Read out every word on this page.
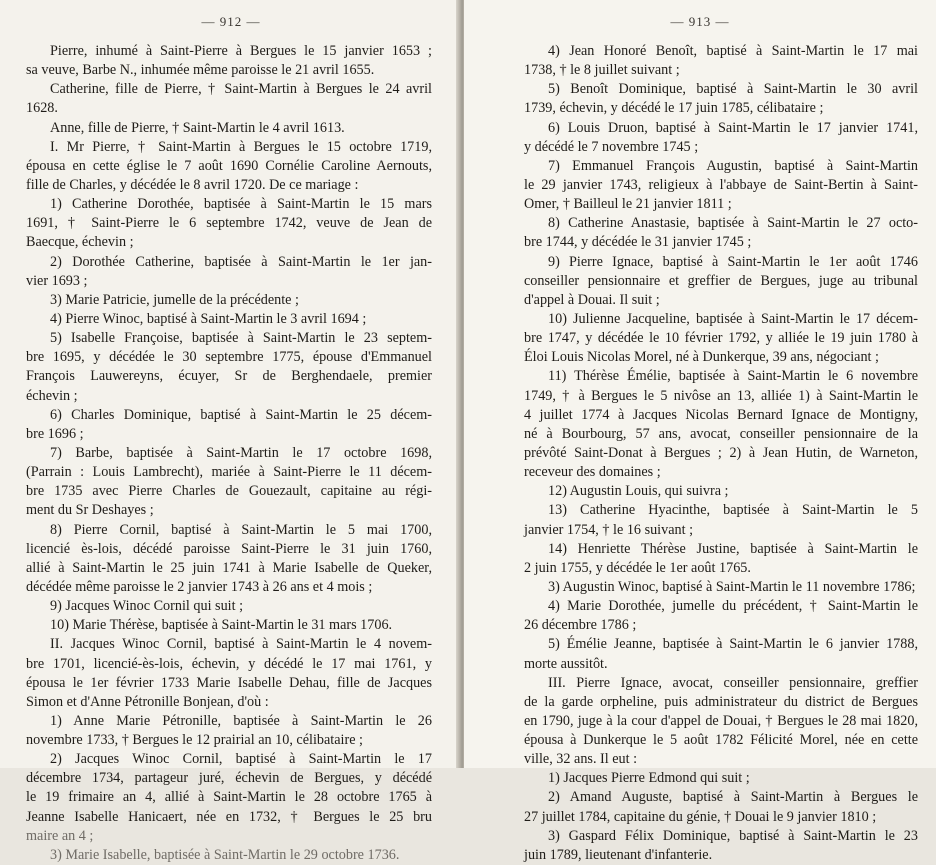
— 912 —
Pierre, inhumé à Saint-Pierre à Bergues le 15 janvier 1653 ;
sa veuve, Barbe N., inhumée même paroisse le 21 avril 1655.
Catherine, fille de Pierre, † Saint-Martin à Bergues le 24 avril
1628.
Anne, fille de Pierre, † Saint-Martin le 4 avril 1613.
I. Mr Pierre, † Saint-Martin à Bergues le 15 octobre 1719,
épousa en cette église le 7 août 1690 Cornélie Caroline Aernouts,
fille de Charles, y décédée le 8 avril 1720. De ce mariage :
1) Catherine Dorothée, baptisée à Saint-Martin le 15 mars
1691, † Saint-Pierre le 6 septembre 1742, veuve de Jean de
Baecque, échevin ;
2) Dorothée Catherine, baptisée à Saint-Martin le 1er jan-
vier 1693 ;
3) Marie Patricie, jumelle de la précédente ;
4) Pierre Winoc, baptisé à Saint-Martin le 3 avril 1694 ;
5) Isabelle Françoise, baptisée à Saint-Martin le 23 septem-
bre 1695, y décédée le 30 septembre 1775, épouse d'Emmanuel
François Lauwereyns, écuyer, Sr de Berghendaele, premier
échevin ;
6) Charles Dominique, baptisé à Saint-Martin le 25 décem-
bre 1696 ;
7) Barbe, baptisée à Saint-Martin le 17 octobre 1698,
(Parrain : Louis Lambrecht), mariée à Saint-Pierre le 11 décem-
bre 1735 avec Pierre Charles de Gouezault, capitaine au régi-
ment du Sr Deshayes ;
8) Pierre Cornil, baptisé à Saint-Martin le 5 mai 1700,
licencié ès-lois, décédé paroisse Saint-Pierre le 31 juin 1760,
allié à Saint-Martin le 25 juin 1741 à Marie Isabelle de Queker,
décédée même paroisse le 2 janvier 1743 à 26 ans et 4 mois ;
9) Jacques Winoc Cornil qui suit ;
10) Marie Thérèse, baptisée à Saint-Martin le 31 mars 1706.
II. Jacques Winoc Cornil, baptisé à Saint-Martin le 4 novem-
bre 1701, licencié-ès-lois, échevin, y décédé le 17 mai 1761, y
épousa le 1er février 1733 Marie Isabelle Dehau, fille de Jacques
Simon et d'Anne Pétronille Bonjean, d'où :
1) Anne Marie Pétronille, baptisée à Saint-Martin le 26
novembre 1733, † Bergues le 12 prairial an 10, célibataire ;
2) Jacques Winoc Cornil, baptisé à Saint-Martin le 17
décembre 1734, partageur juré, échevin de Bergues, y décédé
le 19 frimaire an 4, allié à Saint-Martin le 28 octobre 1765 à
Jeanne Isabelle Hanicaert, née en 1732, † Bergues le 25 bru
maire an 4 ;
3) Marie Isabelle, baptisée à Saint-Martin le 29 octobre 1736.
— 913 —
4) Jean Honoré Benoît, baptisé à Saint-Martin le 17 mai
1738, † le 8 juillet suivant ;
5) Benoît Dominique, baptisé à Saint-Martin le 30 avril
1739, échevin, y décédé le 17 juin 1785, célibataire ;
6) Louis Druon, baptisé à Saint-Martin le 17 janvier 1741,
y décédé le 7 novembre 1745 ;
7) Emmanuel François Augustin, baptisé à Saint-Martin
le 29 janvier 1743, religieux à l'abbaye de Saint-Bertin à Saint-
Omer, † Bailleul le 21 janvier 1811 ;
8) Catherine Anastasie, baptisée à Saint-Martin le 27 octo-
bre 1744, y décédée le 31 janvier 1745 ;
9) Pierre Ignace, baptisé à Saint-Martin le 1er août 1746
conseiller pensionnaire et greffier de Bergues, juge au tribunal
d'appel à Douai. Il suit ;
10) Julienne Jacqueline, baptisée à Saint-Martin le 17 décem-
bre 1747, y décédée le 10 février 1792, y alliée le 19 juin 1780 à
Éloi Louis Nicolas Morel, né à Dunkerque, 39 ans, négociant ;
11) Thérèse Émélie, baptisée à Saint-Martin le 6 novembre
1749, † à Bergues le 5 nivôse an 13, alliée 1) à Saint-Martin le
4 juillet 1774 à Jacques Nicolas Bernard Ignace de Montigny,
né à Bourbourg, 57 ans, avocat, conseiller pensionnaire de la
prévôté Saint-Donat à Bergues ; 2) à Jean Hutin, de Warneton,
receveur des domaines ;
12) Augustin Louis, qui suivra ;
13) Catherine Hyacinthe, baptisée à Saint-Martin le 5
janvier 1754, † le 16 suivant ;
14) Henriette Thérèse Justine, baptisée à Saint-Martin le
2 juin 1755, y décédée le 1er août 1765.
3) Augustin Winoc, baptisé à Saint-Martin le 11 novembre 1786;
4) Marie Dorothée, jumelle du précédent, † Saint-Martin le
26 décembre 1786 ;
5) Émélie Jeanne, baptisée à Saint-Martin le 6 janvier 1788,
morte aussitôt.
III. Pierre Ignace, avocat, conseiller pensionnaire, greffier
de la garde orpheline, puis administrateur du district de Bergues
en 1790, juge à la cour d'appel de Douai, † Bergues le 28 mai 1820,
épousa à Dunkerque le 5 août 1782 Félicité Morel, née en cette
ville, 32 ans. Il eut :
1) Jacques Pierre Edmond qui suit ;
2) Amand Auguste, baptisé à Saint-Martin à Bergues le
27 juillet 1784, capitaine du génie, † Douai le 9 janvier 1810 ;
3) Gaspard Félix Dominique, baptisé à Saint-Martin le 23
juin 1789, lieutenant d'infanterie.
